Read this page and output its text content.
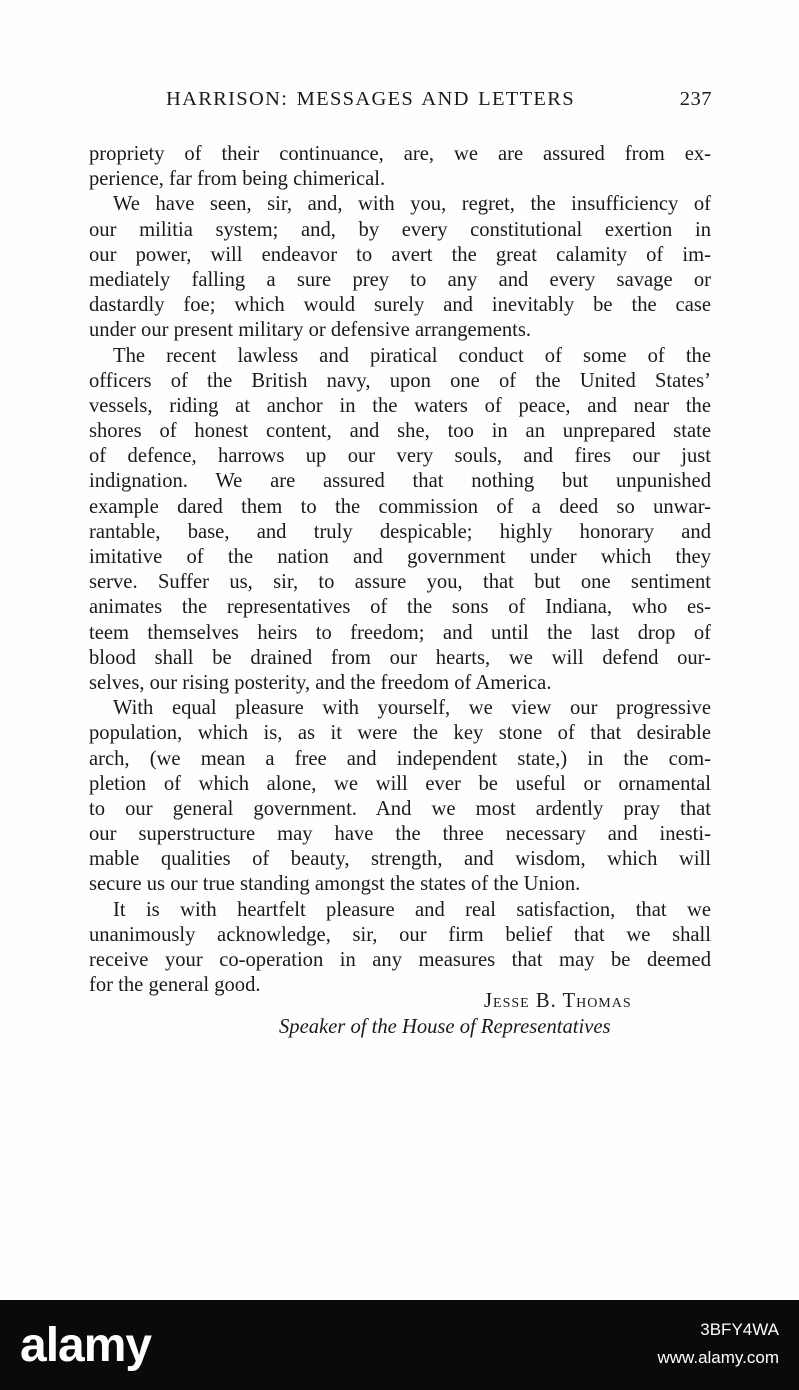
HARRISON: MESSAGES AND LETTERS	237
propriety of their continuance, are, we are assured from ex-
perience, far from being chimerical.
We have seen, sir, and, with you, regret, the insufficiency of
our militia system; and, by every constitutional exertion in
our power, will endeavor to avert the great calamity of im-
mediately falling a sure prey to any and every savage or
dastardly foe; which would surely and inevitably be the case
under our present military or defensive arrangements.
The recent lawless and piratical conduct of some of the
officers of the British navy, upon one of the United States’
vessels, riding at anchor in the waters of peace, and near the
shores of honest content, and she, too in an unprepared state
of defence, harrows up our very souls, and fires our just
indignation. We are assured that nothing but unpunished
example dared them to the commission of a deed so unwar-
rantable, base, and truly despicable; highly honorary and
imitative of the nation and government under which they
serve. Suffer us, sir, to assure you, that but one sentiment
animates the representatives of the sons of Indiana, who es-
teem themselves heirs to freedom; and until the last drop of
blood shall be drained from our hearts, we will defend our-
selves, our rising posterity, and the freedom of America.
With equal pleasure with yourself, we view our progressive
population, which is, as it were the key stone of that desirable
arch, (we mean a free and independent state,) in the com-
pletion of which alone, we will ever be useful or ornamental
to our general government. And we most ardently pray that
our superstructure may have the three necessary and inesti-
mable qualities of beauty, strength, and wisdom, which will
secure us our true standing amongst the states of the Union.
It is with heartfelt pleasure and real satisfaction, that we
unanimously acknowledge, sir, our firm belief that we shall
receive your co-operation in any measures that may be deemed
for the general good.
Jesse B. Thomas
Speaker of the House of Representatives
alamy	3BFY4WA
www.alamy.com
